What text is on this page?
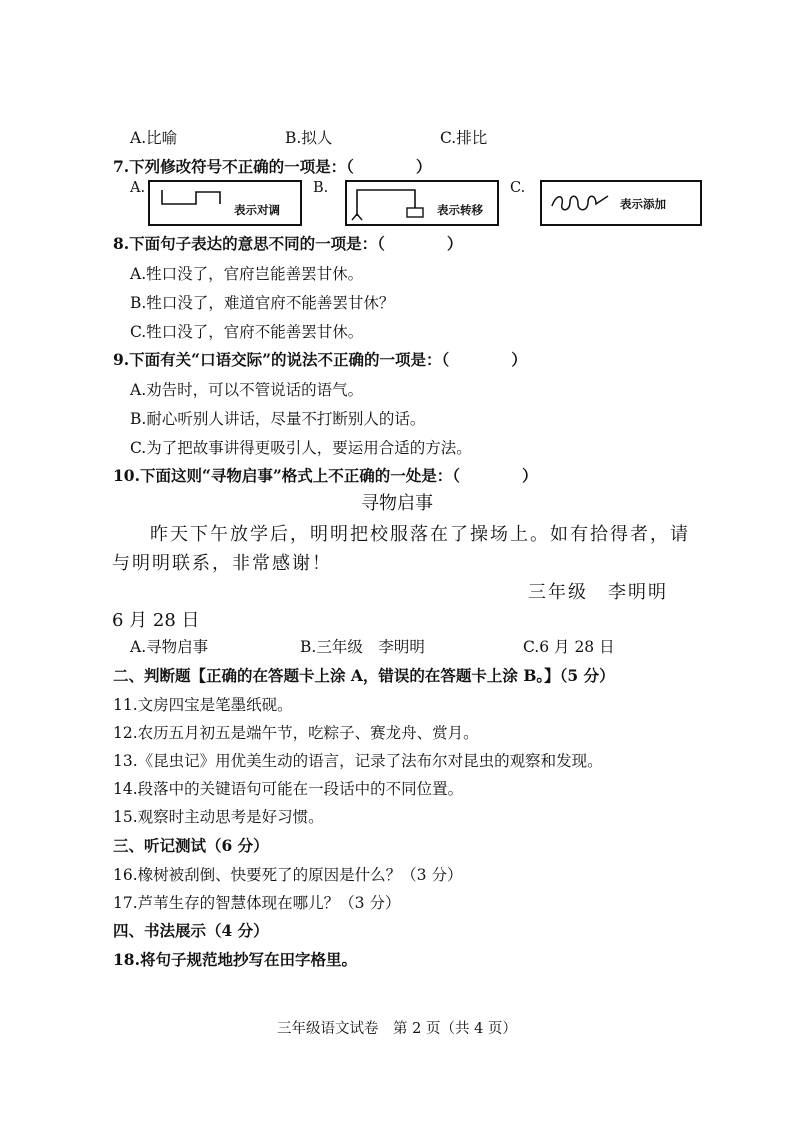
A.比喻	B.拟人	C.排比
7.下列修改符号不正确的一项是：（　　　　）
A.
表示对调
B.
表示转移
C.
表示添加
8.下面句子表达的意思不同的一项是：（　　　　）
A.牲口没了，官府岂能善罢甘休。
B.牲口没了，难道官府不能善罢甘休？
C.牲口没了，官府不能善罢甘休。
9.下面有关“口语交际”的说法不正确的一项是：（　　　　）
A.劝告时，可以不管说话的语气。
B.耐心听别人讲话，尽量不打断别人的话。
C.为了把故事讲得更吸引人，要运用合适的方法。
10.下面这则“寻物启事”格式上不正确的一处是：（　　　　）
寻物启事
昨天下午放学后，明明把校服落在了操场上。如有拾得者，请
与明明联系，非常感谢！
三年级　李明明
6 月 28 日
A.寻物启事	B.三年级　李明明	C.6 月 28 日
二、判断题【正确的在答题卡上涂 A，错误的在答题卡上涂 B。】（5 分）
11.文房四宝是笔墨纸砚。
12.农历五月初五是端午节，吃粽子、赛龙舟、赏月。
13.《昆虫记》用优美生动的语言，记录了法布尔对昆虫的观察和发现。
14.段落中的关键语句可能在一段话中的不同位置。
15.观察时主动思考是好习惯。
三、听记测试（6 分）
16.橡树被刮倒、快要死了的原因是什么？（3 分）
17.芦苇生存的智慧体现在哪儿？（3 分）
四、书法展示（4 分）
18.将句子规范地抄写在田字格里。
三年级语文试卷　第 2 页（共 4 页）
